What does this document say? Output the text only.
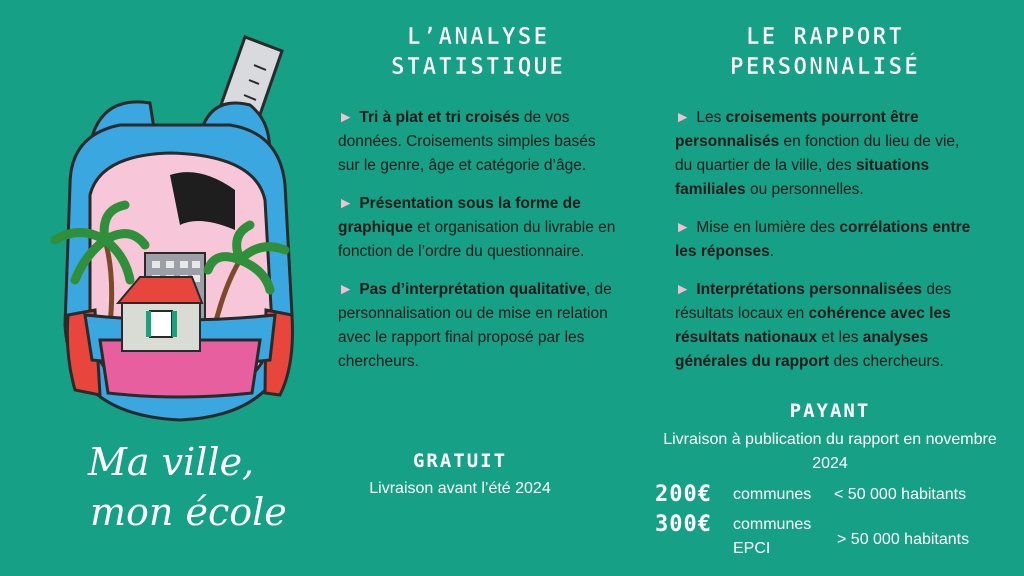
Ma ville,
mon école
L’ANALYSE
STATISTIQUE

► Tri à plat et tri croisés de vos données. Croisements simples basés sur le genre, âge et catégorie d’âge.

► Présentation sous la forme de graphique et organisation du livrable en fonction de l’ordre du questionnaire.

► Pas d’interprétation qualitative, de personnalisation ou de mise en relation avec le rapport final proposé par les chercheurs.

GRATUIT
Livraison avant l’été 2024
LE RAPPORT
PERSONNALISÉ

► Les croisements pourront être personnalisés en fonction du lieu de vie, du quartier de la ville, des situations familiales ou personnelles.

► Mise en lumière des corrélations entre les réponses.

► Interprétations personnalisées des résultats locaux en cohérence avec les résultats nationaux et les analyses générales du rapport des chercheurs.

PAYANT
Livraison à publication du rapport en novembre 2024
200€ communes < 50 000 habitants
300€ communes
EPCI
> 50 000 habitants
